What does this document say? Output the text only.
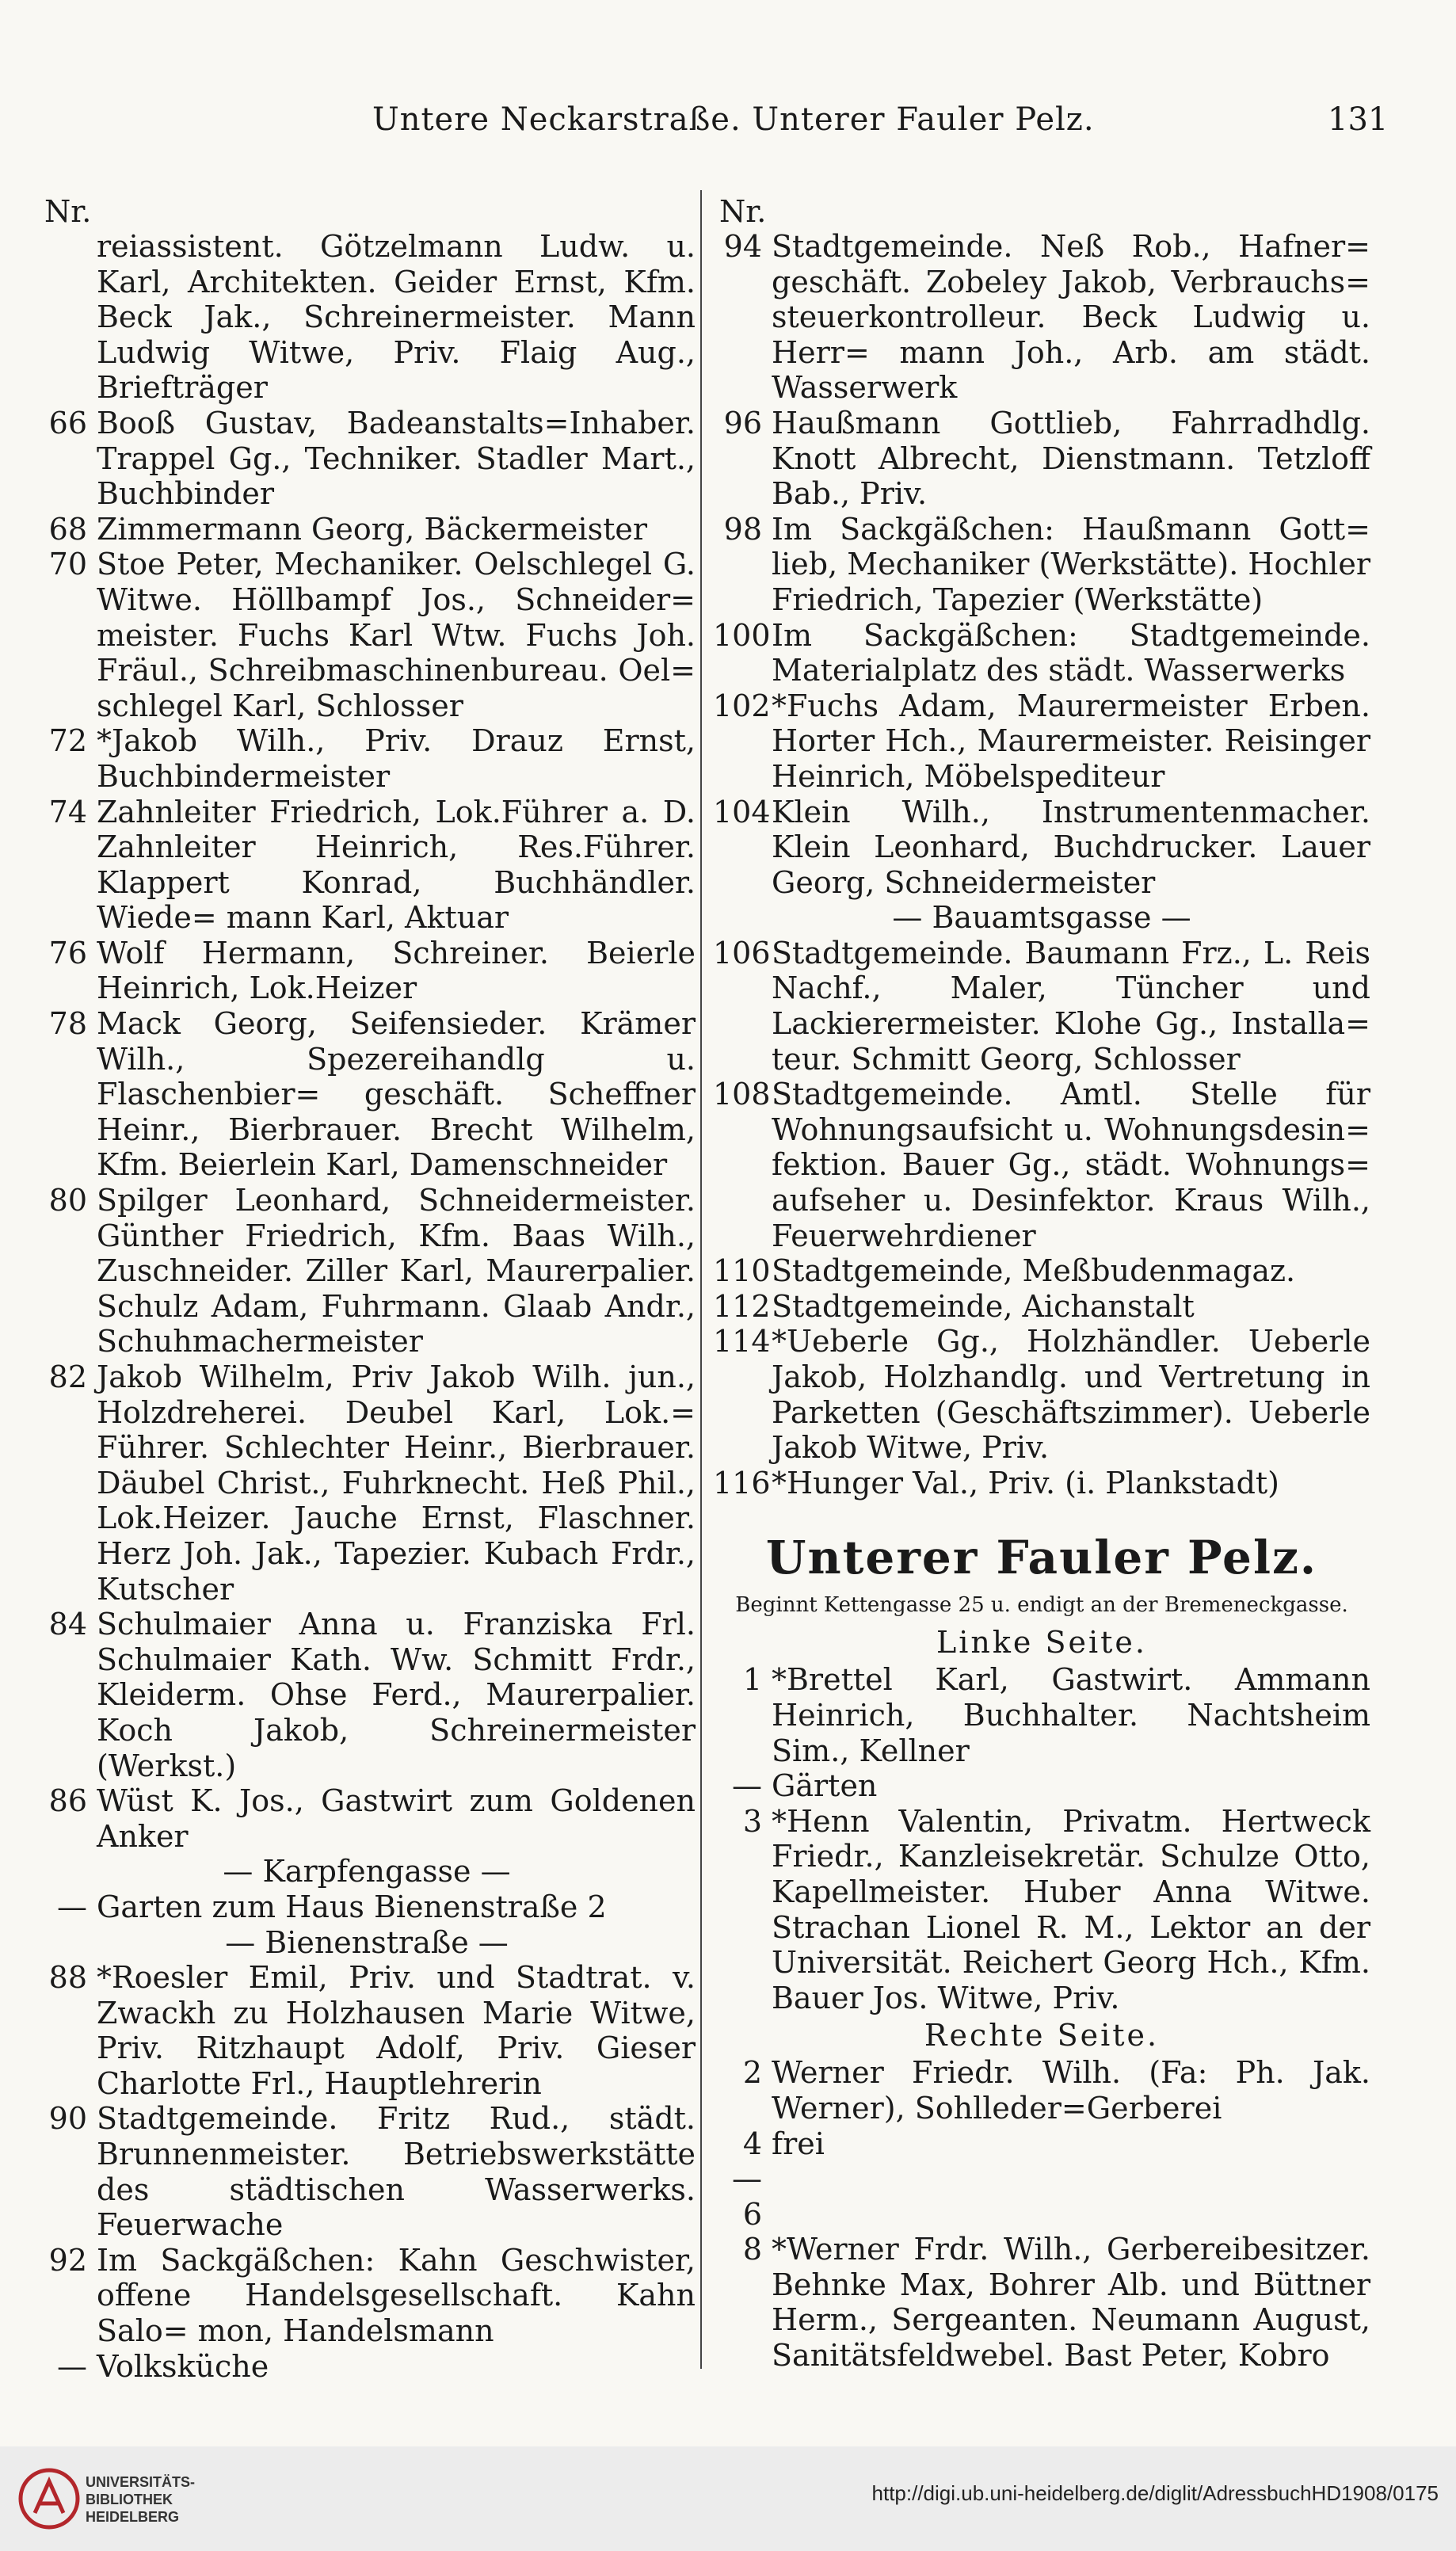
Untere Neckarstraße. Unterer Fauler Pelz.	131
Nr.
reiassistent. Götzelmann Ludw. u. Karl, Architekten. Geider Ernst, Kfm. Beck Jak., Schreinermeister. Mann Ludwig Witwe, Priv. Flaig Aug., Briefträger
66 Booß Gustav, Badeanstalts=Inhaber. Trappel Gg., Techniker. Stadler Mart., Buchbinder
68 Zimmermann Georg, Bäckermeister
70 Stoe Peter, Mechaniker. Oelschlegel G. Witwe. Höllbampf Jos., Schneider= meister. Fuchs Karl Wtw. Fuchs Joh. Fräul., Schreibmaschinenbureau. Oel= schlegel Karl, Schlosser
72 *Jakob Wilh., Priv. Drauz Ernst, Buchbindermeister
74 Zahnleiter Friedrich, Lok.Führer a. D. Zahnleiter Heinrich, Res.Führer. Klappert Konrad, Buchhändler. Wiede= mann Karl, Aktuar
76 Wolf Hermann, Schreiner. Beierle Heinrich, Lok.Heizer
78 Mack Georg, Seifensieder. Krämer Wilh., Spezereihandlg u. Flaschenbier= geschäft. Scheffner Heinr., Bierbrauer. Brecht Wilhelm, Kfm. Beierlein Karl, Damenschneider
80 Spilger Leonhard, Schneidermeister. Günther Friedrich, Kfm. Baas Wilh., Zuschneider. Ziller Karl, Maurerpalier. Schulz Adam, Fuhrmann. Glaab Andr., Schuhmachermeister
82 Jakob Wilhelm, Priv Jakob Wilh. jun., Holzdreherei. Deubel Karl, Lok.= Führer. Schlechter Heinr., Bierbrauer. Däubel Christ., Fuhrknecht. Heß Phil., Lok.Heizer. Jauche Ernst, Flaschner. Herz Joh. Jak., Tapezier. Kubach Frdr., Kutscher
84 Schulmaier Anna u. Franziska Frl. Schulmaier Kath. Ww. Schmitt Frdr., Kleiderm. Ohse Ferd., Maurerpalier. Koch Jakob, Schreinermeister (Werkst.)
86 Wüst K. Jos., Gastwirt zum Goldenen Anker
— Karpfengasse —
— Garten zum Haus Bienenstraße 2
— Bienenstraße —
88 *Roesler Emil, Priv. und Stadtrat. v. Zwackh zu Holzhausen Marie Witwe, Priv. Ritzhaupt Adolf, Priv. Gieser Charlotte Frl., Hauptlehrerin
90 Stadtgemeinde. Fritz Rud., städt. Brunnenmeister. Betriebswerkstätte des städtischen Wasserwerks. Feuerwache
92 Im Sackgäßchen: Kahn Geschwister, offene Handelsgesellschaft. Kahn Salo= mon, Handelsmann
— Volksküche
Nr.
94 Stadtgemeinde. Neß Rob., Hafner= geschäft. Zobeley Jakob, Verbrauchs= steuerkontrolleur. Beck Ludwig u. Herr= mann Joh., Arb. am städt. Wasserwerk
96 Haußmann Gottlieb, Fahrradhdlg. Knott Albrecht, Dienstmann. Tetzloff Bab., Priv.
98 Im Sackgäßchen: Haußmann Gott= lieb, Mechaniker (Werkstätte). Hochler Friedrich, Tapezier (Werkstätte)
100 Im Sackgäßchen: Stadtgemeinde. Materialplatz des städt. Wasserwerks
102 *Fuchs Adam, Maurermeister Erben. Horter Hch., Maurermeister. Reisinger Heinrich, Möbelspediteur
104 Klein Wilh., Instrumentenmacher. Klein Leonhard, Buchdrucker. Lauer Georg, Schneidermeister
— Bauamtsgasse —
106 Stadtgemeinde. Baumann Frz., L. Reis Nachf., Maler, Tüncher und Lackierermeister. Klohe Gg., Installa= teur. Schmitt Georg, Schlosser
108 Stadtgemeinde. Amtl. Stelle für Wohnungsaufsicht u. Wohnungsdesin= fektion. Bauer Gg., städt. Wohnungs= aufseher u. Desinfektor. Kraus Wilh., Feuerwehrdiener
110 Stadtgemeinde, Meßbudenmagaz.
112 Stadtgemeinde, Aichanstalt
114 *Ueberle Gg., Holzhändler. Ueberle Jakob, Holzhandlg. und Vertretung in Parketten (Geschäftszimmer). Ueberle Jakob Witwe, Priv.
116 *Hunger Val., Priv. (i. Plankstadt)
Unterer Fauler Pelz.
Beginnt Kettengasse 25 u. endigt an der Bremeneckgasse.
Linke Seite.
1 *Brettel Karl, Gastwirt. Ammann Heinrich, Buchhalter. Nachtsheim Sim., Kellner
— Gärten
3 *Henn Valentin, Privatm. Hertweck Friedr., Kanzleisekretär. Schulze Otto, Kapellmeister. Huber Anna Witwe. Strachan Lionel R. M., Lektor an der Universität. Reichert Georg Hch., Kfm. Bauer Jos. Witwe, Priv.
Rechte Seite.
2 Werner Friedr. Wilh. (Fa: Ph. Jak. Werner), Sohlleder=Gerberei
4—6
frei
8 *Werner Frdr. Wilh., Gerbereibesitzer. Behnke Max, Bohrer Alb. und Büttner Herm., Sergeanten. Neumann August, Sanitätsfeldwebel. Bast Peter, Kobro
UNIVERSITÄTS-
BIBLIOTHEK
HEIDELBERG
http://digi.ub.uni-heidelberg.de/diglit/AdressbuchHD1908/0175
